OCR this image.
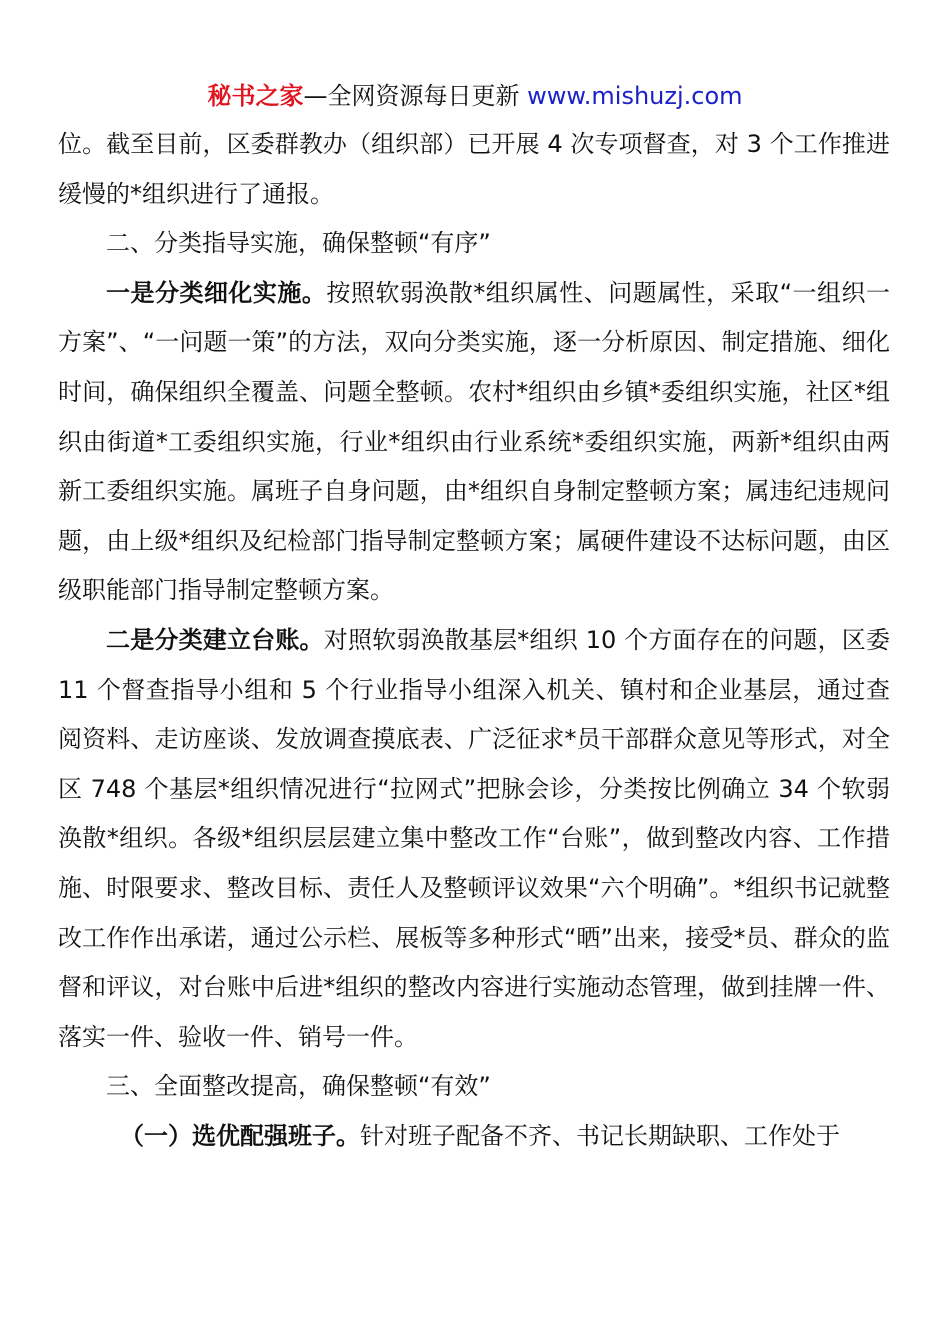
秘书之家—全网资源每日更新 www.mishuzj.com

位。截至目前，区委群教办（组织部）已开展 4 次专项督查，对 3 个工作推进缓慢的*组织进行了通报。

二、分类指导实施，确保整顿“有序”

一是分类细化实施。按照软弱涣散*组织属性、问题属性，采取“一组织一方案”、“一问题一策”的方法，双向分类实施，逐一分析原因、制定措施、细化时间，确保组织全覆盖、问题全整顿。农村*组织由乡镇*委组织实施，社区*组织由街道*工委组织实施，行业*组织由行业系统*委组织实施，两新*组织由两新工委组织实施。属班子自身问题，由*组织自身制定整顿方案；属违纪违规问题，由上级*组织及纪检部门指导制定整顿方案；属硬件建设不达标问题，由区级职能部门指导制定整顿方案。

二是分类建立台账。对照软弱涣散基层*组织 10 个方面存在的问题，区委 11 个督查指导小组和 5 个行业指导小组深入机关、镇村和企业基层，通过查阅资料、走访座谈、发放调查摸底表、广泛征求*员干部群众意见等形式，对全区 748 个基层*组织情况进行“拉网式”把脉会诊，分类按比例确立 34 个软弱涣散*组织。各级*组织层层建立集中整改工作“台账”，做到整改内容、工作措施、时限要求、整改目标、责任人及整顿评议效果“六个明确”。*组织书记就整改工作作出承诺，通过公示栏、展板等多种形式“晒”出来，接受*员、群众的监督和评议，对台账中后进*组织的整改内容进行实施动态管理，做到挂牌一件、落实一件、验收一件、销号一件。

三、全面整改提高，确保整顿“有效”

（一）选优配强班子。针对班子配备不齐、书记长期缺职、工作处于
